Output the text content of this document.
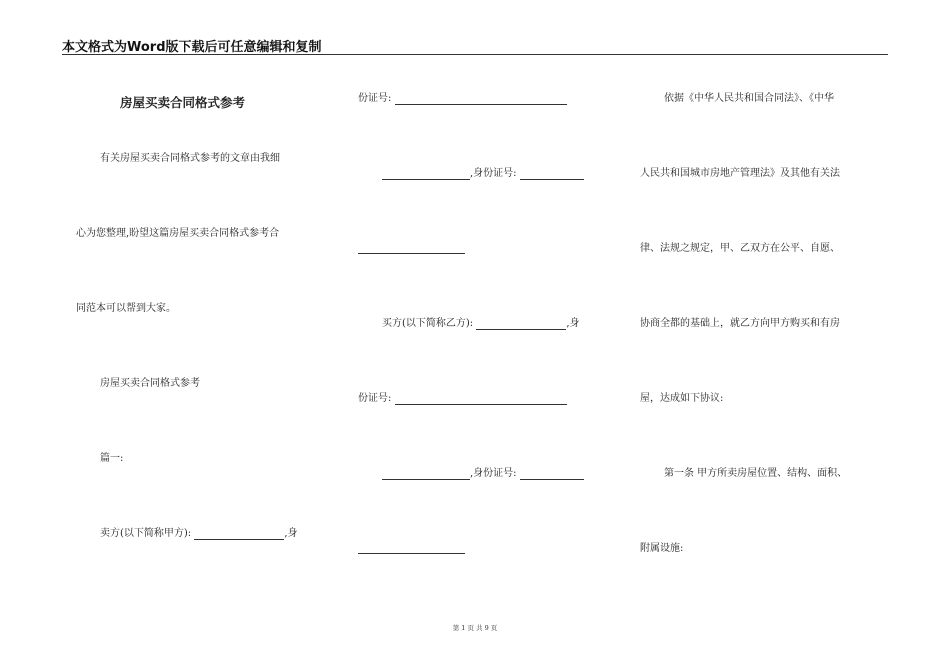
本文格式为Word版下载后可任意编辑和复制
房屋买卖合同格式参考
有关房屋买卖合同格式参考的文章由我细
心为您整理,盼望这篇房屋买卖合同格式参考合
同范本可以帮到大家。
房屋买卖合同格式参考
篇一:
卖方(以下简称甲方):	,身
份证号:
,身份证号:
买方(以下简称乙方):	,身
份证号:
,身份证号:
依据《中华人民共和国合同法》、《中华
人民共和国城市房地产管理法》及其他有关法
律、法规之规定，甲、乙双方在公平、自愿、
协商全都的基础上，就乙方向甲方购买和有房
屋，达成如下协议:
第一条 甲方所卖房屋位置、结构、面积、
附属设施:
第 1 页 共 9 页
